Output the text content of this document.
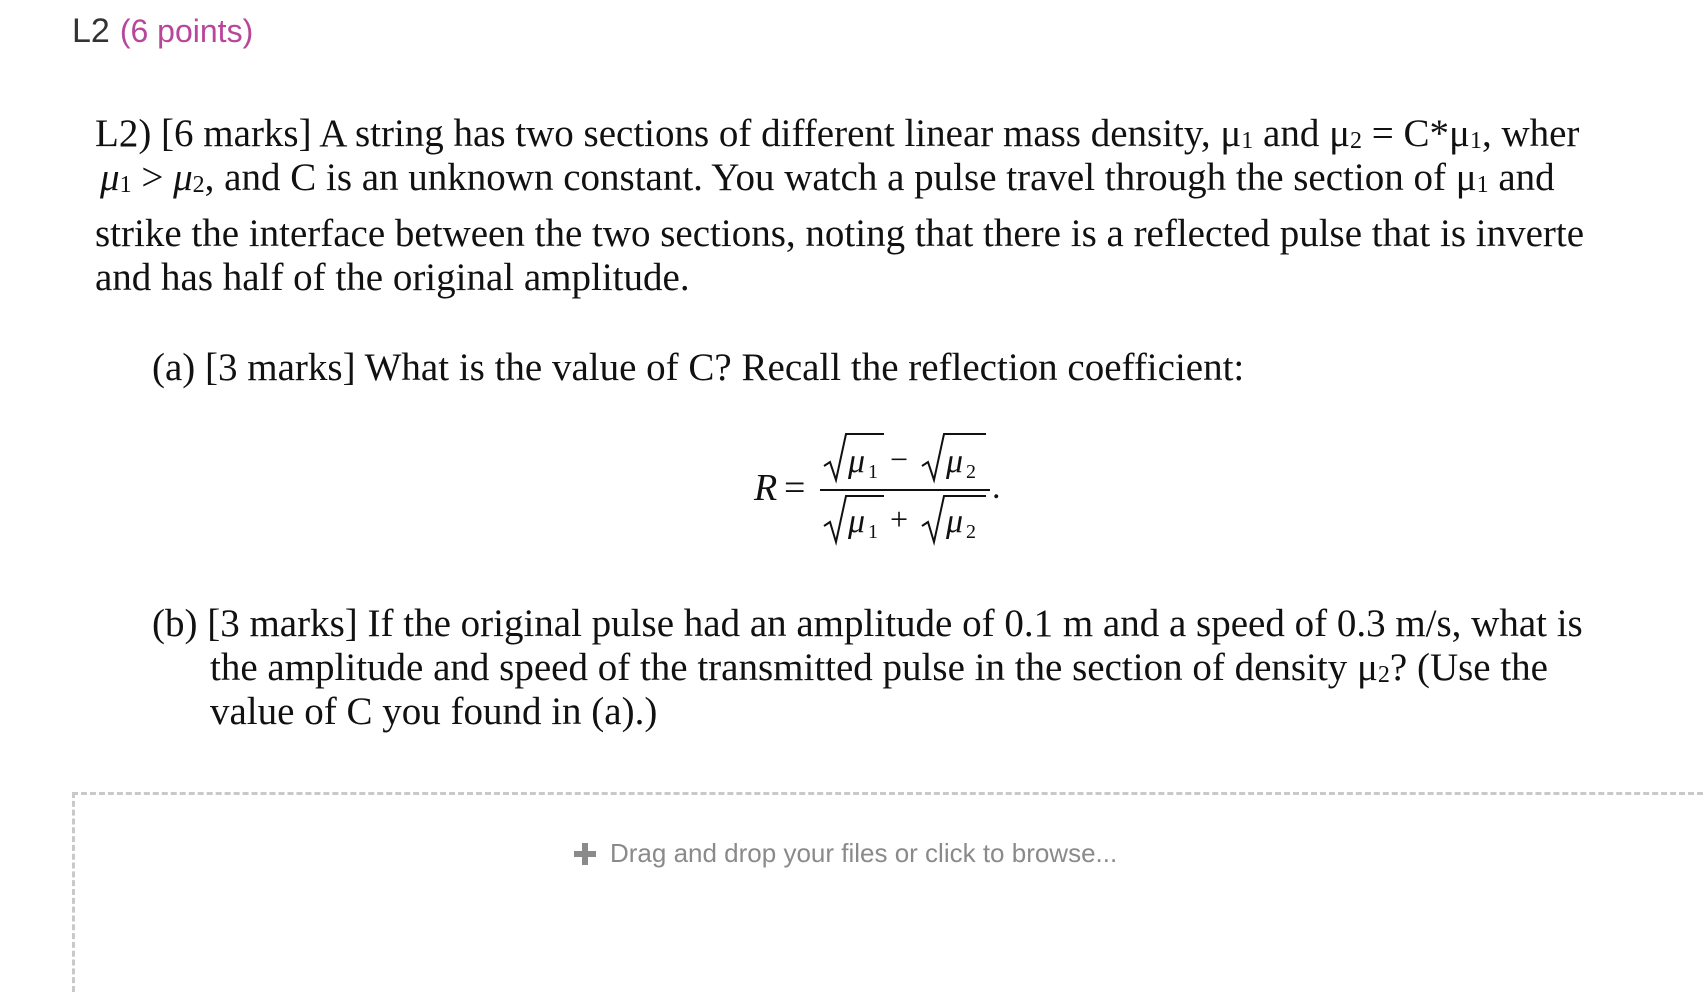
L2 (6 points)
L2) [6 marks] A string has two sections of different linear mass density, μ1 and μ2 = C*μ1, wher
μ1 > μ2, and C is an unknown constant. You watch a pulse travel through the section of μ1 and
strike the interface between the two sections, noting that there is a reflected pulse that is inverte
and has half of the original amplitude.
(a) [3 marks] What is the value of C? Recall the reflection coefficient:
R =
μ 1 − μ 2
μ 1 + μ 2
.
(b) [3 marks] If the original pulse had an amplitude of 0.1 m and a speed of 0.3 m/s, what is
the amplitude and speed of the transmitted pulse in the section of density μ2? (Use the
value of C you found in (a).)
Drag and drop your files or click to browse...
